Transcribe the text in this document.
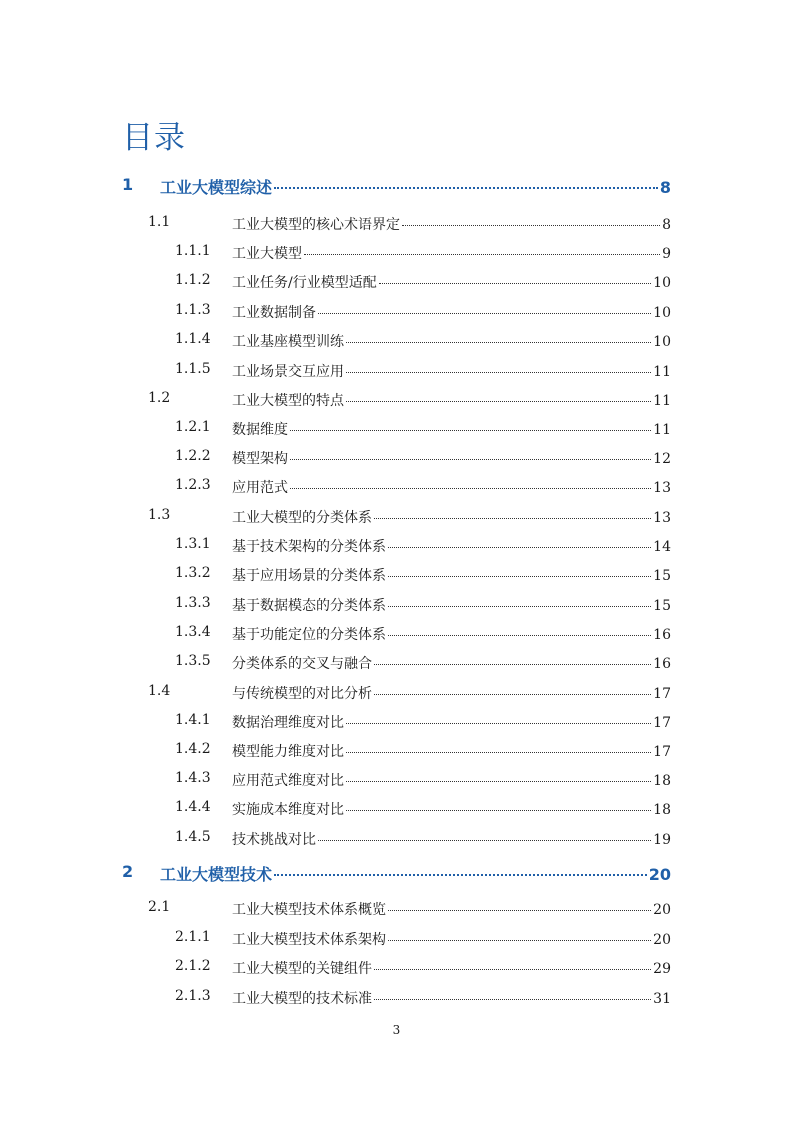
目录
1 工业大模型综述	8
1.1	工业大模型的核心术语界定	8
1.1.1 工业大模型	9
1.1.2 工业任务/行业模型适配	10
1.1.3 工业数据制备	10
1.1.4 工业基座模型训练	10
1.1.5 工业场景交互应用	11
1.2	工业大模型的特点	11
1.2.1 数据维度	11
1.2.2 模型架构	12
1.2.3 应用范式	13
1.3	工业大模型的分类体系	13
1.3.1 基于技术架构的分类体系	14
1.3.2 基于应用场景的分类体系	15
1.3.3 基于数据模态的分类体系	15
1.3.4 基于功能定位的分类体系	16
1.3.5 分类体系的交叉与融合	16
1.4	与传统模型的对比分析	17
1.4.1 数据治理维度对比	17
1.4.2 模型能力维度对比	17
1.4.3 应用范式维度对比	18
1.4.4 实施成本维度对比	18
1.4.5 技术挑战对比	19
2 工业大模型技术	20
2.1	工业大模型技术体系概览	20
2.1.1 工业大模型技术体系架构	20
2.1.2 工业大模型的关键组件	29
2.1.3 工业大模型的技术标准	31
3
